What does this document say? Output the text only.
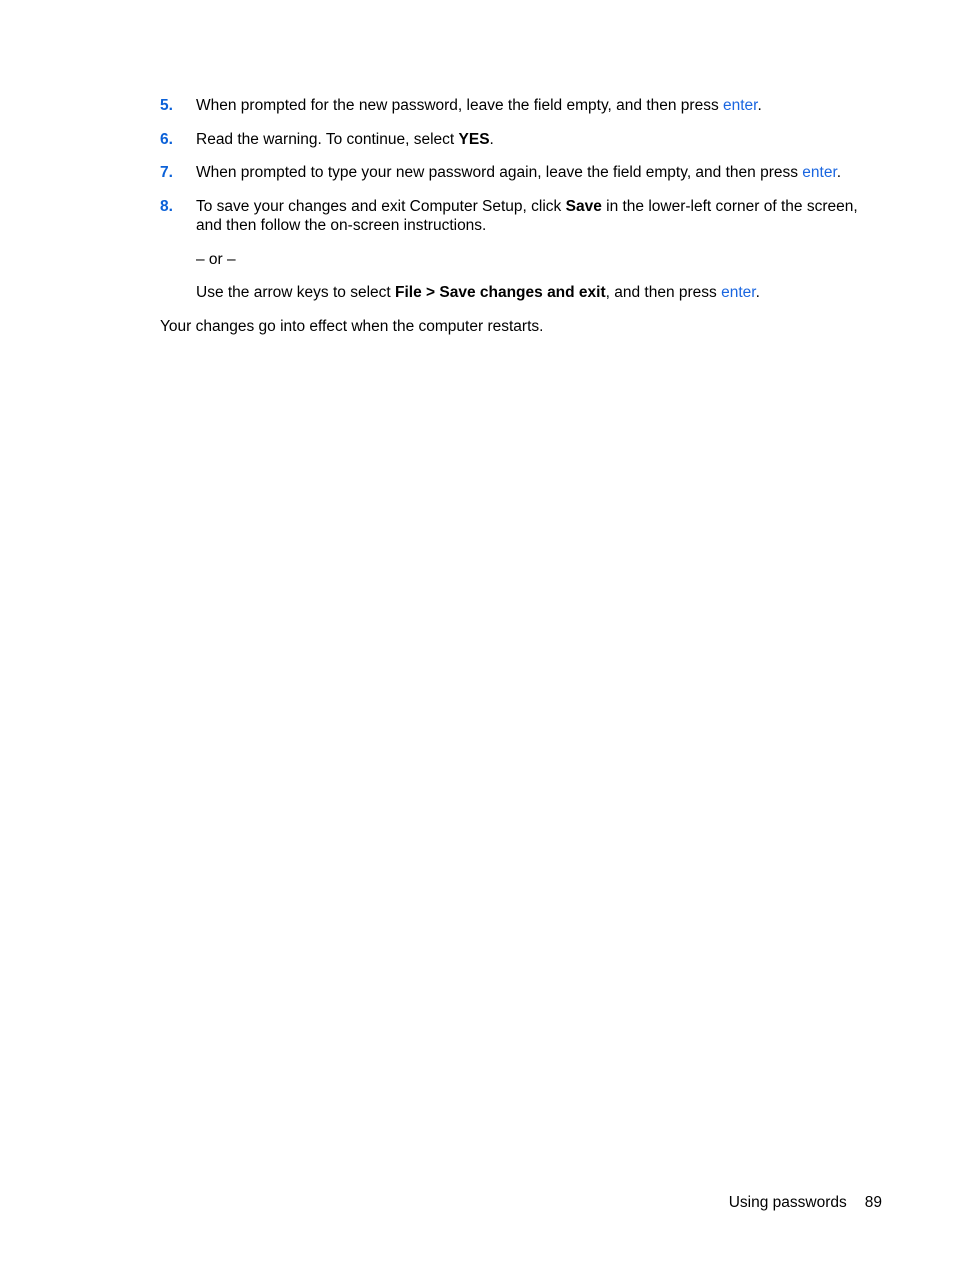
5. When prompted for the new password, leave the field empty, and then press enter.
6. Read the warning. To continue, select YES.
7. When prompted to type your new password again, leave the field empty, and then press enter.
8. To save your changes and exit Computer Setup, click Save in the lower-left corner of the screen, and then follow the on-screen instructions.
– or –
Use the arrow keys to select File > Save changes and exit, and then press enter.
Your changes go into effect when the computer restarts.
Using passwords 89
